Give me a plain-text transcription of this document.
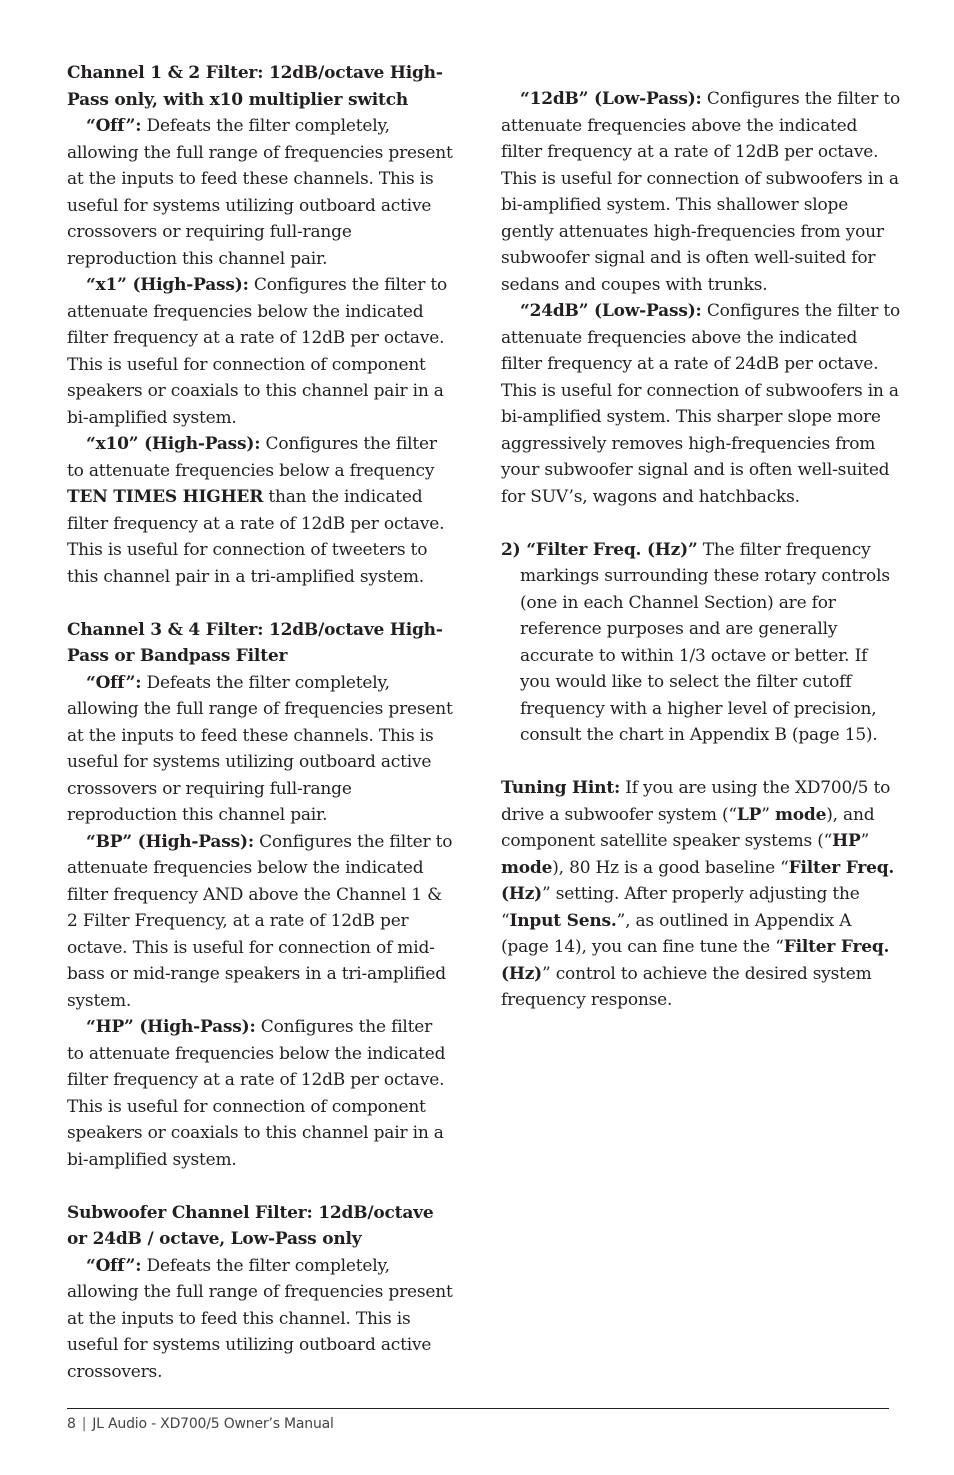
Channel 1 & 2 Filter: 12dB/octave High-Pass only, with x10 multiplier switch

“Off”: Defeats the filter completely, allowing the full range of frequencies present at the inputs to feed these channels. This is useful for systems utilizing outboard active crossovers or requiring full-range reproduction this channel pair.

“x1” (High-Pass): Configures the filter to attenuate frequencies below the indicated filter frequency at a rate of 12dB per octave. This is useful for connection of component speakers or coaxials to this channel pair in a bi-amplified system.

“x10” (High-Pass): Configures the filter to attenuate frequencies below a frequency TEN TIMES HIGHER than the indicated filter frequency at a rate of 12dB per octave. This is useful for connection of tweeters to this channel pair in a tri-amplified system.

Channel 3 & 4 Filter: 12dB/octave High-Pass or Bandpass Filter

“Off”: Defeats the filter completely, allowing the full range of frequencies present at the inputs to feed these channels. This is useful for systems utilizing outboard active crossovers or requiring full-range reproduction this channel pair.

“BP” (High-Pass): Configures the filter to attenuate frequencies below the indicated filter frequency AND above the Channel 1 & 2 Filter Frequency, at a rate of 12dB per octave. This is useful for connection of mid-bass or mid-range speakers in a tri-amplified system.

“HP” (High-Pass): Configures the filter to attenuate frequencies below the indicated filter frequency at a rate of 12dB per octave. This is useful for connection of component speakers or coaxials to this channel pair in a bi-amplified system.

Subwoofer Channel Filter: 12dB/octave or 24dB / octave, Low-Pass only

“Off”: Defeats the filter completely, allowing the full range of frequencies present at the inputs to feed this channel. This is useful for systems utilizing outboard active crossovers.

“12dB” (Low-Pass): Configures the filter to attenuate frequencies above the indicated filter frequency at a rate of 12dB per octave. This is useful for connection of subwoofers in a bi-amplified system. This shallower slope gently attenuates high-frequencies from your subwoofer signal and is often well-suited for sedans and coupes with trunks.

“24dB” (Low-Pass): Configures the filter to attenuate frequencies above the indicated filter frequency at a rate of 24dB per octave. This is useful for connection of subwoofers in a bi-amplified system. This sharper slope more aggressively removes high-frequencies from your subwoofer signal and is often well-suited for SUV’s, wagons and hatchbacks.

2) “Filter Freq. (Hz)” The filter frequency markings surrounding these rotary controls (one in each Channel Section) are for reference purposes and are generally accurate to within 1/3 octave or better. If you would like to select the filter cutoff frequency with a higher level of precision, consult the chart in Appendix B (page 15).

Tuning Hint: If you are using the XD700/5 to drive a subwoofer system (“LP” mode), and component satellite speaker systems (“HP” mode), 80 Hz is a good baseline “Filter Freq. (Hz)” setting. After properly adjusting the “Input Sens.”, as outlined in Appendix A (page 14), you can fine tune the “Filter Freq. (Hz)” control to achieve the desired system frequency response.

8 | JL Audio - XD700/5 Owner’s Manual
